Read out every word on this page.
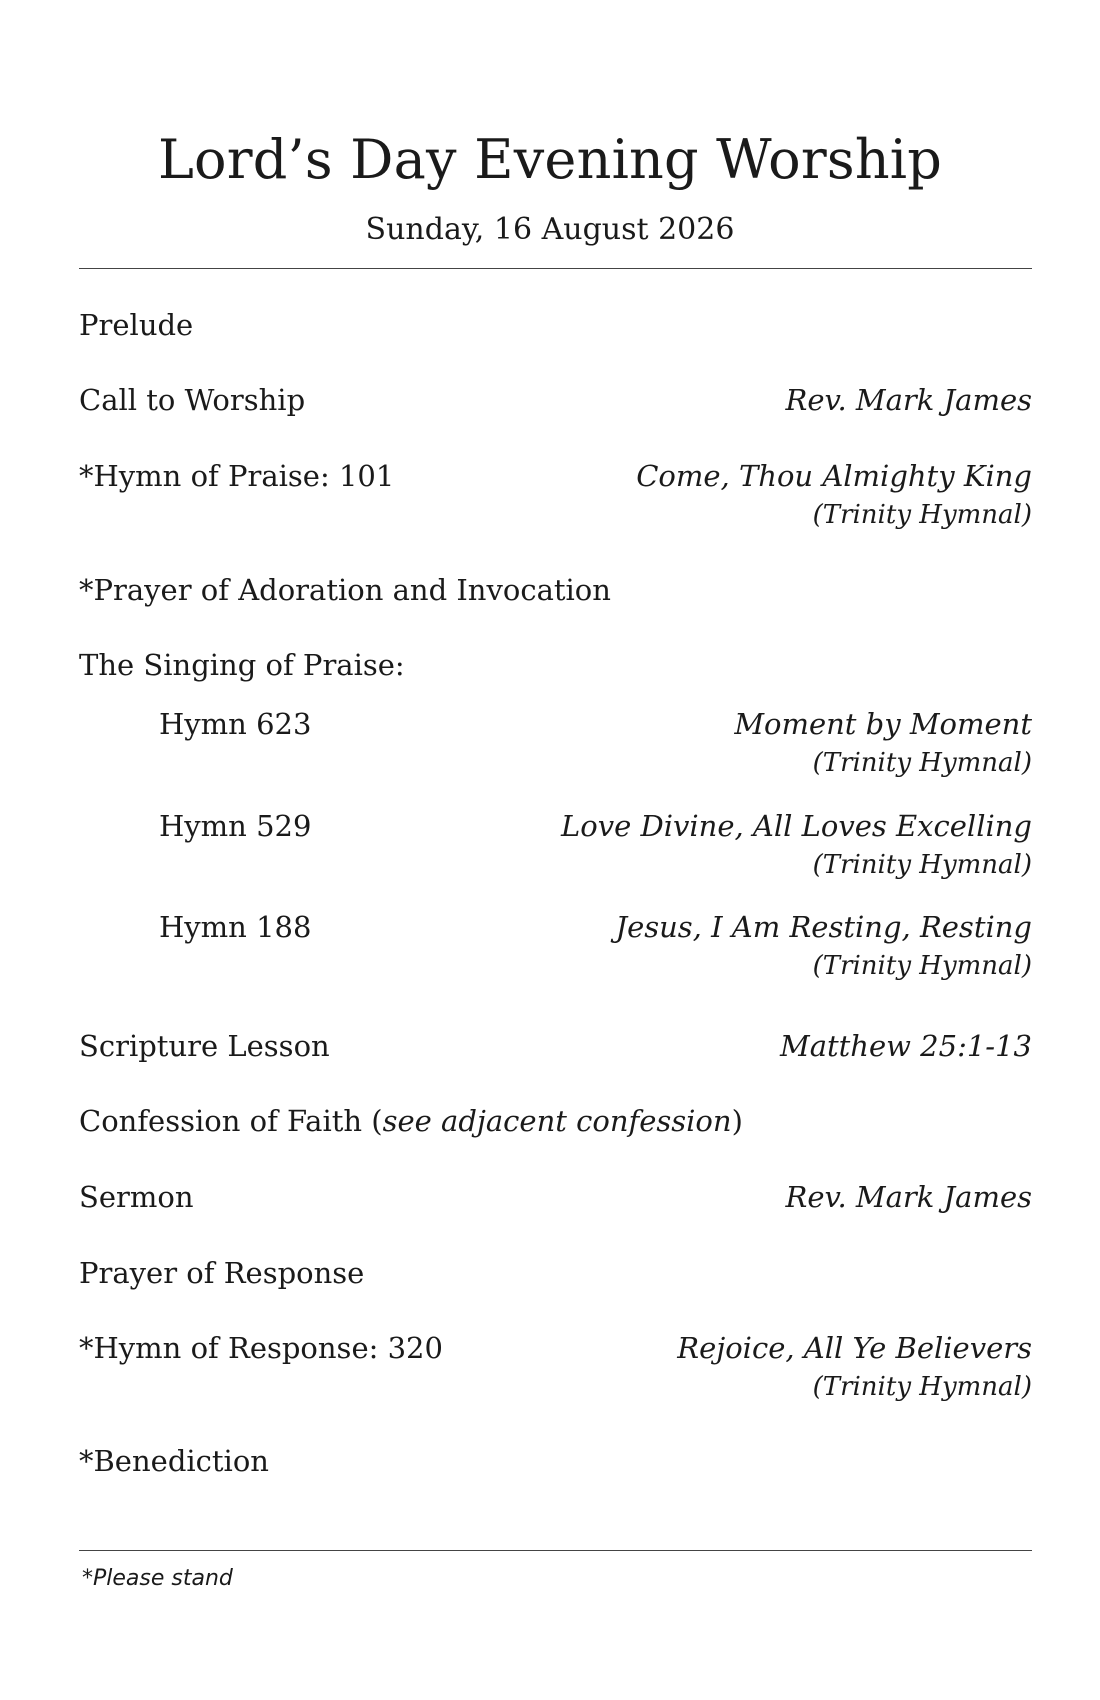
Lord’s Day Evening Worship

Sunday, 16 August 2026

Prelude
Call to Worship	Rev. Mark James
*Hymn of Praise: 101	Come, Thou Almighty King
(Trinity Hymnal)
*Prayer of Adoration and Invocation
The Singing of Praise:
Hymn 623	Moment by Moment
(Trinity Hymnal)
Hymn 529	Love Divine, All Loves Excelling
(Trinity Hymnal)
Hymn 188	Jesus, I Am Resting, Resting
(Trinity Hymnal)
Scripture Lesson	Matthew 25:1-13
Confession of Faith (see adjacent confession)
Sermon	Rev. Mark James
Prayer of Response
*Hymn of Response: 320	Rejoice, All Ye Believers
(Trinity Hymnal)
*Benediction
*Please stand
